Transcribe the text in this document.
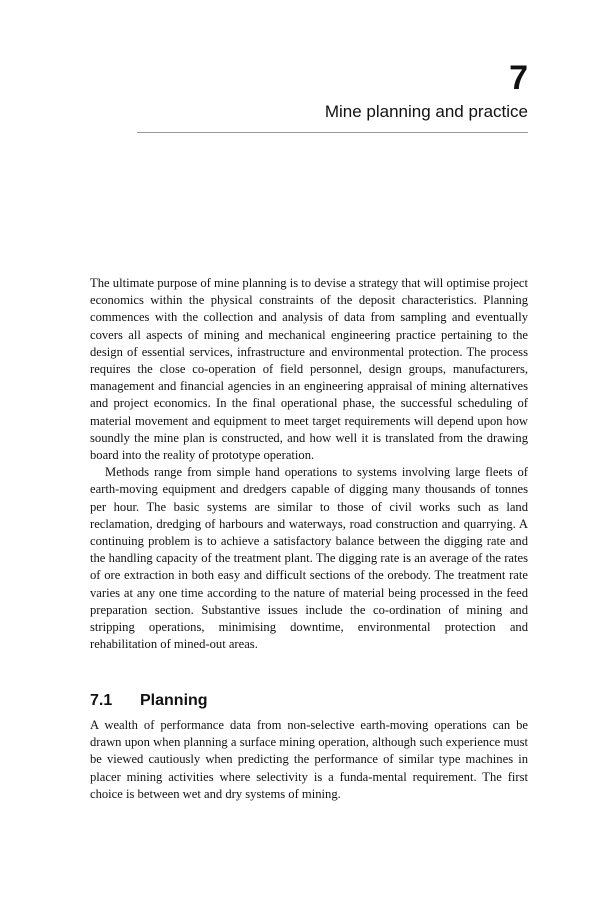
7
Mine planning and practice

The ultimate purpose of mine planning is to devise a strategy that will optimise project economics within the physical constraints of the deposit characteristics. Planning commences with the collection and analysis of data from sampling and eventually covers all aspects of mining and mechanical engineering practice pertaining to the design of essential services, infrastructure and environmental protection. The process requires the close co-operation of field personnel, design groups, manufacturers, management and financial agencies in an engineering appraisal of mining alternatives and project economics. In the final operational phase, the successful scheduling of material movement and equipment to meet target requirements will depend upon how soundly the mine plan is constructed, and how well it is translated from the drawing board into the reality of prototype operation.

Methods range from simple hand operations to systems involving large fleets of earth-moving equipment and dredgers capable of digging many thousands of tonnes per hour. The basic systems are similar to those of civil works such as land reclamation, dredging of harbours and waterways, road construction and quarrying. A continuing problem is to achieve a satisfactory balance between the digging rate and the handling capacity of the treatment plant. The digging rate is an average of the rates of ore extraction in both easy and difficult sections of the orebody. The treatment rate varies at any one time according to the nature of material being processed in the feed preparation section. Substantive issues include the co-ordination of mining and stripping operations, minimising downtime, environmental protection and rehabilitation of mined-out areas.

7.1 Planning

A wealth of performance data from non-selective earth-moving operations can be drawn upon when planning a surface mining operation, although such experience must be viewed cautiously when predicting the performance of similar type machines in placer mining activities where selectivity is a funda-mental requirement. The first choice is between wet and dry systems of mining.
